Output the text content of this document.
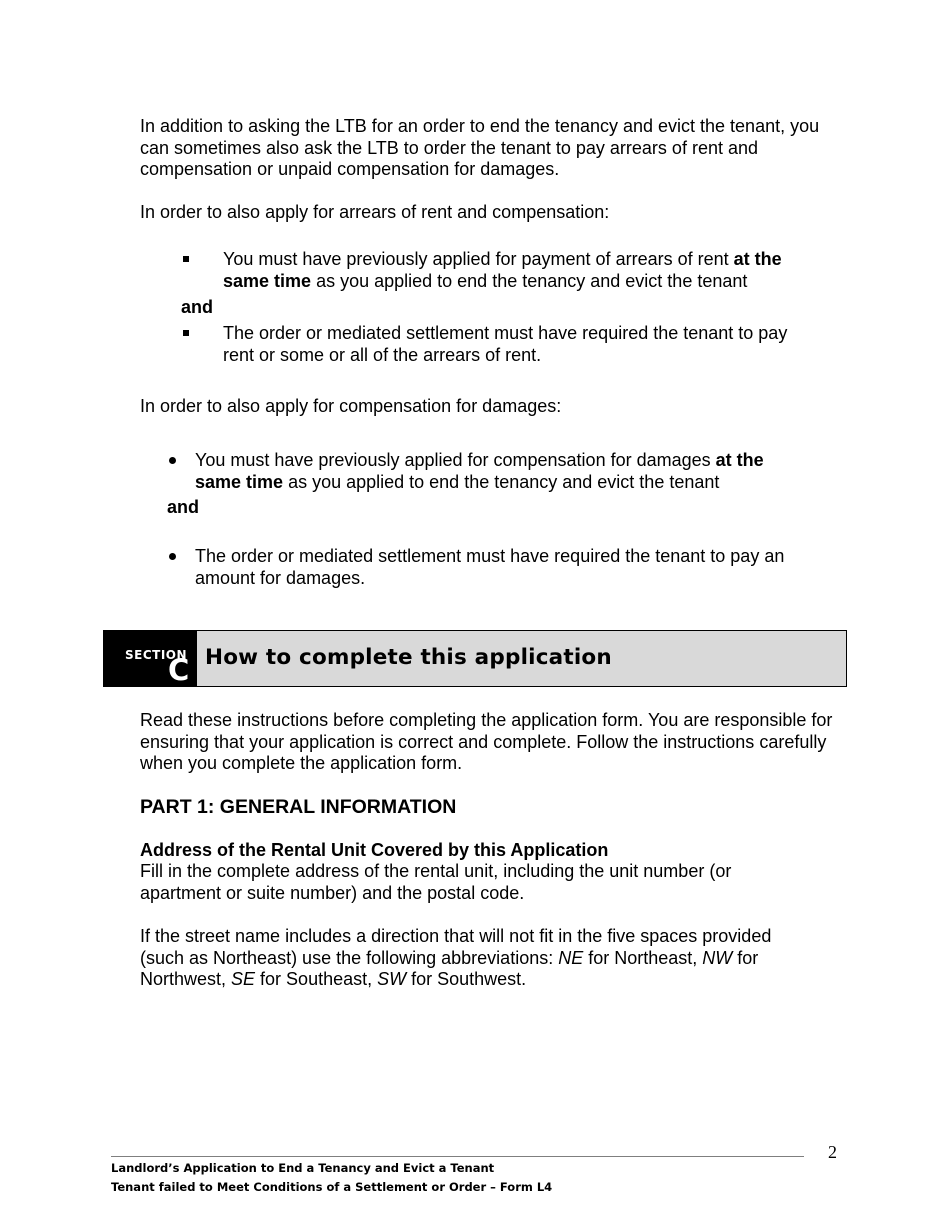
In addition to asking the LTB for an order to end the tenancy and evict the tenant, you can sometimes also ask the LTB to order the tenant to pay arrears of rent and compensation or unpaid compensation for damages.

In order to also apply for arrears of rent and compensation:

You must have previously applied for payment of arrears of rent at the same time as you applied to end the tenancy and evict the tenant

and

The order or mediated settlement must have required the tenant to pay rent or some or all of the arrears of rent.

In order to also apply for compensation for damages:

You must have previously applied for compensation for damages at the same time as you applied to end the tenancy and evict the tenant

and

The order or mediated settlement must have required the tenant to pay an amount for damages.

SECTION
C How to complete this application

Read these instructions before completing the application form. You are responsible for ensuring that your application is correct and complete. Follow the instructions carefully when you complete the application form.

PART 1: GENERAL INFORMATION
Address of the Rental Unit Covered by this Application

Fill in the complete address of the rental unit, including the unit number (or apartment or suite number) and the postal code.

If the street name includes a direction that will not fit in the five spaces provided (such as Northeast) use the following abbreviations: NE for Northeast, NW for Northwest, SE for Southeast, SW for Southwest.

2
Landlord’s Application to End a Tenancy and Evict a Tenant
Tenant failed to Meet Conditions of a Settlement or Order – Form L4
